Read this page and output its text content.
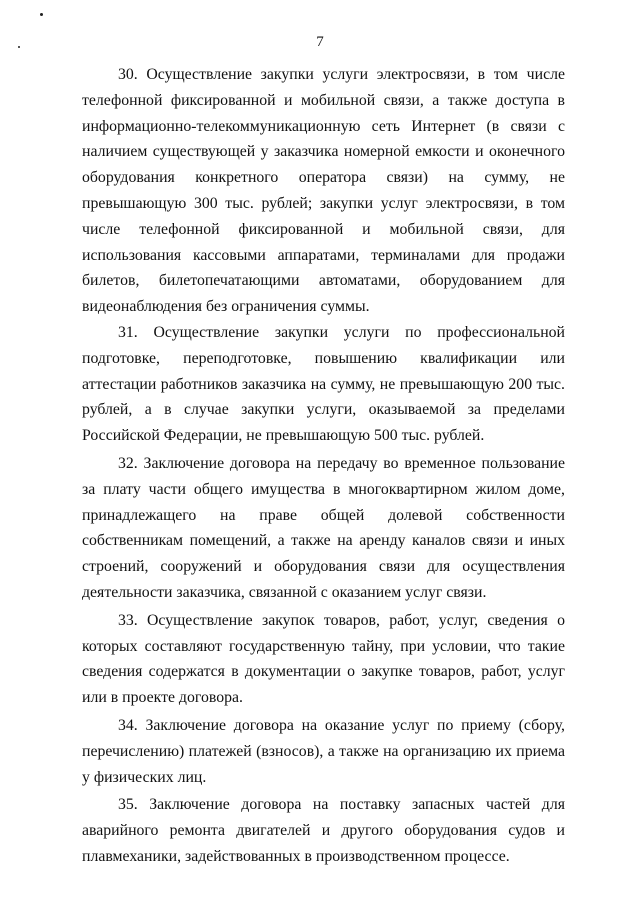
7

30. Осуществление закупки услуги электросвязи, в том числе телефонной фиксированной и мобильной связи, а также доступа в информационно-телекоммуникационную сеть Интернет (в связи с наличием существующей у заказчика номерной емкости и оконечного оборудования конкретного оператора связи) на сумму, не превышающую 300 тыс. рублей; закупки услуг электросвязи, в том числе телефонной фиксированной и мобильной связи, для использования кассовыми аппаратами, терминалами для продажи билетов, билетопечатающими автоматами, оборудованием для видеонаблюдения без ограничения суммы.

31. Осуществление закупки услуги по профессиональной подготовке, переподготовке, повышению квалификации или аттестации работников заказчика на сумму, не превышающую 200 тыс. рублей, а в случае закупки услуги, оказываемой за пределами Российской Федерации, не превышающую 500 тыс. рублей.

32. Заключение договора на передачу во временное пользование за плату части общего имущества в многоквартирном жилом доме, принадлежащего на праве общей долевой собственности собственникам помещений, а также на аренду каналов связи и иных строений, сооружений и оборудования связи для осуществления деятельности заказчика, связанной с оказанием услуг связи.

33. Осуществление закупок товаров, работ, услуг, сведения о которых составляют государственную тайну, при условии, что такие сведения содержатся в документации о закупке товаров, работ, услуг или в проекте договора.

34. Заключение договора на оказание услуг по приему (сбору, перечислению) платежей (взносов), а также на организацию их приема у физических лиц.

35. Заключение договора на поставку запасных частей для аварийного ремонта двигателей и другого оборудования судов и плавмеханики, задействованных в производственном процессе.
